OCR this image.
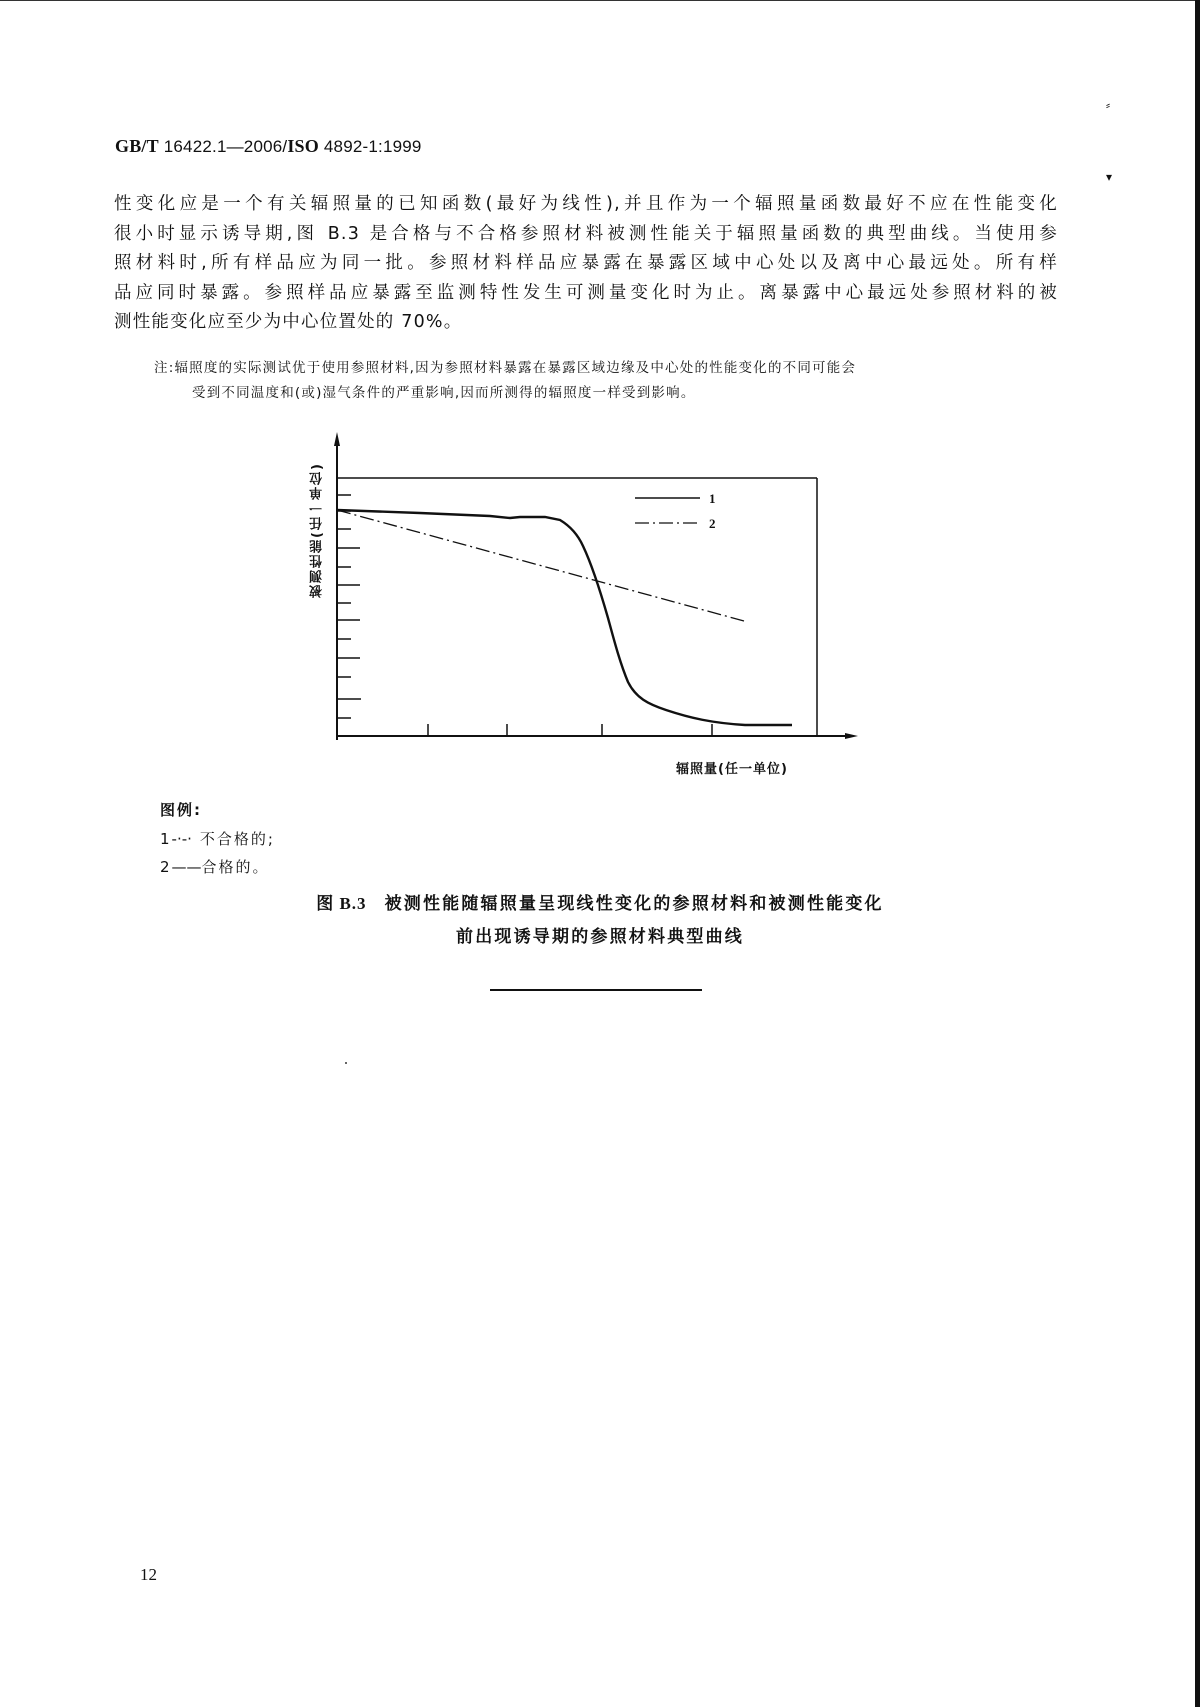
⸗
▾
GB/T 16422.1—2006/ISO 4892-1:1999
性变化应是一个有关辐照量的已知函数(最好为线性),并且作为一个辐照量函数最好不应在性能变化
很小时显示诱导期,图 B.3 是合格与不合格参照材料被测性能关于辐照量函数的典型曲线。当使用参
照材料时,所有样品应为同一批。参照材料样品应暴露在暴露区域中心处以及离中心最远处。所有样
品应同时暴露。参照样品应暴露至监测特性发生可测量变化时为止。离暴露中心最远处参照材料的被
测性能变化应至少为中心位置处的 70%。
注:辐照度的实际测试优于使用参照材料,因为参照材料暴露在暴露区域边缘及中心处的性能变化的不同可能会
受到不同温度和(或)湿气条件的严重影响,因而所测得的辐照度一样受到影响。
1
2
被测性能(任一单位)
辐照量(任一单位)
图例:
1 -·-· 不合格的;
2 ——合格的。
图 B.3 被测性能随辐照量呈现线性变化的参照材料和被测性能变化
前出现诱导期的参照材料典型曲线
12
